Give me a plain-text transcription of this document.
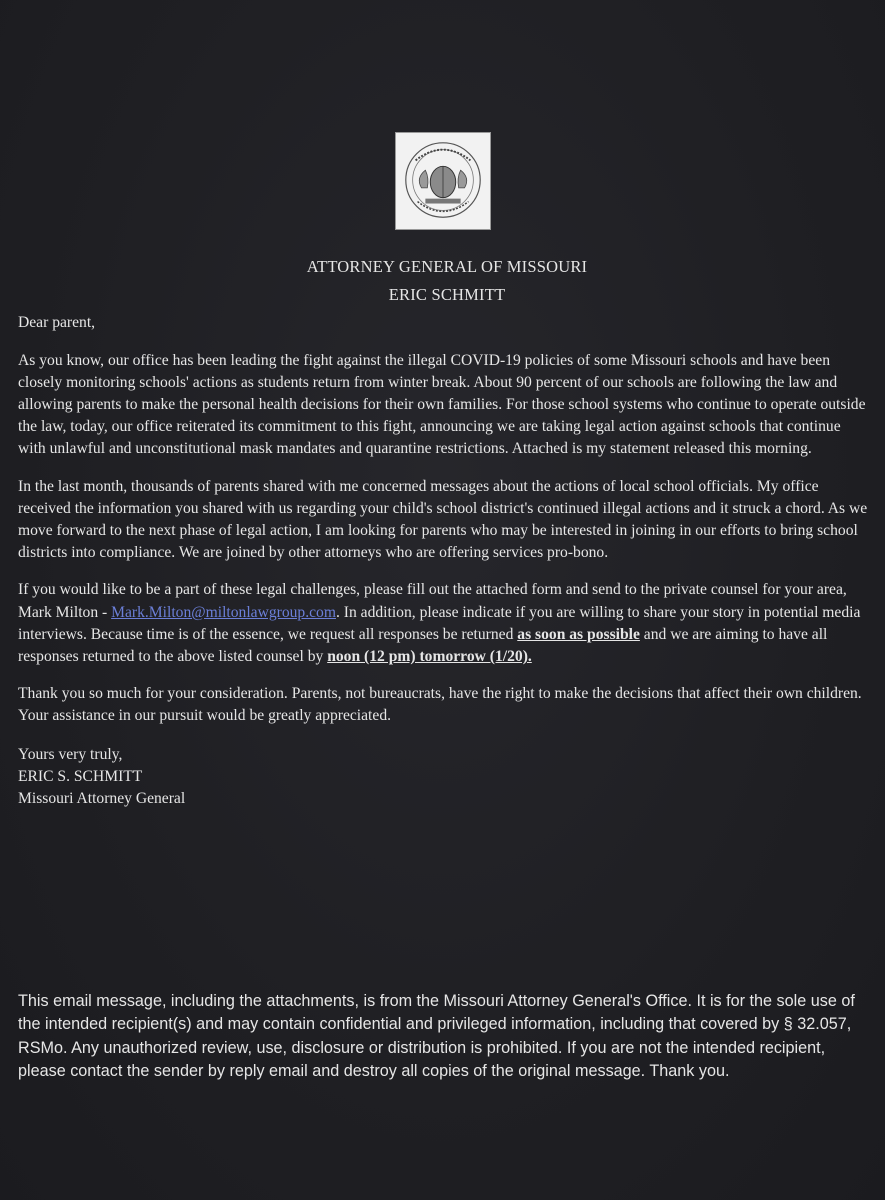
ATTORNEY GENERAL OF MISSOURI
ERIC SCHMITT
Dear parent,

As you know, our office has been leading the fight against the illegal COVID-19 policies of some Missouri schools and have been closely monitoring schools' actions as students return from winter break. About 90 percent of our schools are following the law and allowing parents to make the personal health decisions for their own families. For those school systems who continue to operate outside the law, today, our office reiterated its commitment to this fight, announcing we are taking legal action against schools that continue with unlawful and unconstitutional mask mandates and quarantine restrictions. Attached is my statement released this morning.

In the last month, thousands of parents shared with me concerned messages about the actions of local school officials. My office received the information you shared with us regarding your child's school district's continued illegal actions and it struck a chord. As we move forward to the next phase of legal action, I am looking for parents who may be interested in joining in our efforts to bring school districts into compliance. We are joined by other attorneys who are offering services pro-bono.

If you would like to be a part of these legal challenges, please fill out the attached form and send to the private counsel for your area, Mark Milton - Mark.Milton@miltonlawgroup.com. In addition, please indicate if you are willing to share your story in potential media interviews. Because time is of the essence, we request all responses be returned as soon as possible and we are aiming to have all responses returned to the above listed counsel by noon (12 pm) tomorrow (1/20).

Thank you so much for your consideration. Parents, not bureaucrats, have the right to make the decisions that affect their own children. Your assistance in our pursuit would be greatly appreciated.

Yours very truly,
ERIC S. SCHMITT
Missouri Attorney General
This email message, including the attachments, is from the Missouri Attorney General's Office. It is for the sole use of the intended recipient(s) and may contain confidential and privileged information, including that covered by § 32.057, RSMo. Any unauthorized review, use, disclosure or distribution is prohibited. If you are not the intended recipient, please contact the sender by reply email and destroy all copies of the original message. Thank you.
